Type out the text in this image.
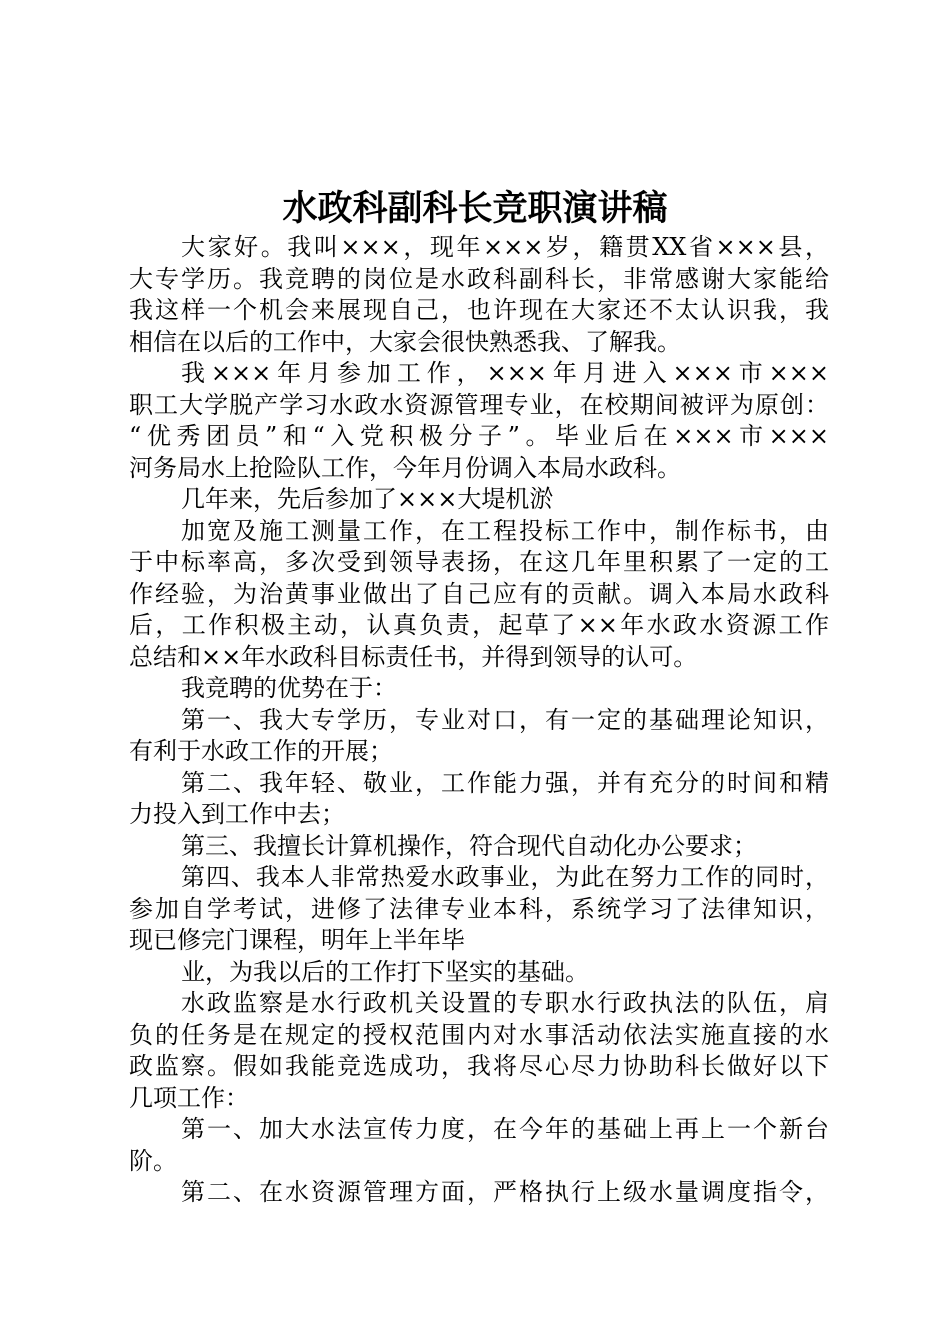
水政科副科长竞职演讲稿
大家好。我叫×××，现年×××岁，籍贯XX省×××县，
大专学历。我竞聘的岗位是水政科副科长，非常感谢大家能给
我这样一个机会来展现自己，也许现在大家还不太认识我，我
相信在以后的工作中，大家会很快熟悉我、了解我。
我×××年月参加工作，×××年月进入×××市×××
职工大学脱产学习水政水资源管理专业，在校期间被评为原创：
“优秀团员”和“入党积极分子”。毕业后在×××市×××
河务局水上抢险队工作，今年月份调入本局水政科。
几年来，先后参加了×××大堤机淤
加宽及施工测量工作，在工程投标工作中，制作标书，由
于中标率高，多次受到领导表扬，在这几年里积累了一定的工
作经验，为治黄事业做出了自己应有的贡献。调入本局水政科
后，工作积极主动，认真负责，起草了××年水政水资源工作
总结和××年水政科目标责任书，并得到领导的认可。
我竞聘的优势在于：
第一、我大专学历，专业对口，有一定的基础理论知识，
有利于水政工作的开展；
第二、我年轻、敬业，工作能力强，并有充分的时间和精
力投入到工作中去；
第三、我擅长计算机操作，符合现代自动化办公要求；
第四、我本人非常热爱水政事业，为此在努力工作的同时，
参加自学考试，进修了法律专业本科，系统学习了法律知识，
现已修完门课程，明年上半年毕
业，为我以后的工作打下坚实的基础。
水政监察是水行政机关设置的专职水行政执法的队伍，肩
负的任务是在规定的授权范围内对水事活动依法实施直接的水
政监察。假如我能竞选成功，我将尽心尽力协助科长做好以下
几项工作：
第一、加大水法宣传力度，在今年的基础上再上一个新台
阶。
第二、在水资源管理方面，严格执行上级水量调度指令，
